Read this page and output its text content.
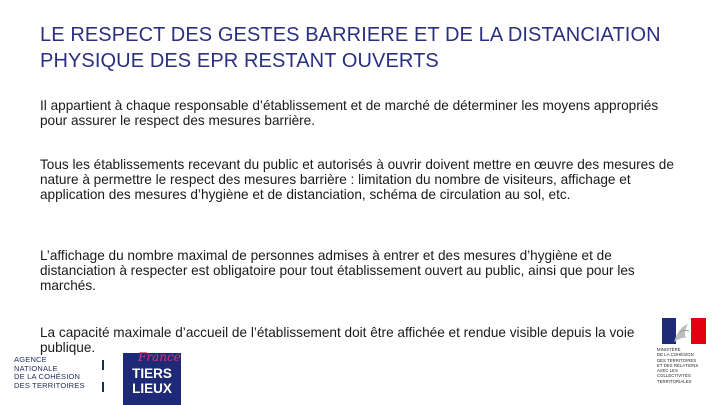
LE RESPECT DES GESTES BARRIERE ET DE LA DISTANCIATION PHYSIQUE DES EPR RESTANT OUVERTS
Il appartient à chaque responsable d’établissement et de marché de déterminer les moyens appropriés pour assurer le respect des mesures barrière.
Tous les établissements recevant du public et autorisés à ouvrir doivent mettre en œuvre des mesures de nature à permettre le respect des mesures barrière : limitation du nombre de visiteurs, affichage et application des mesures d’hygiène et de distanciation, schéma de circulation au sol, etc.
L’affichage du nombre maximal de personnes admises à entrer et des mesures d’hygiène et de distanciation à respecter est obligatoire pour tout établissement ouvert au public, ainsi que pour les marchés.
La capacité maximale d’accueil de l’établissement doit être affichée et rendue visible depuis la voie publique.
AGENCE
NATIONALE
DE LA COHÉSION
DES TERRITOIRES
France
TIERS
LIEUX
MINISTÈRE
DE LA COHÉSION
DES TERRITOIRES
ET DES RELATIONS
AVEC LES
COLLECTIVITÉS
TERRITORIALES
